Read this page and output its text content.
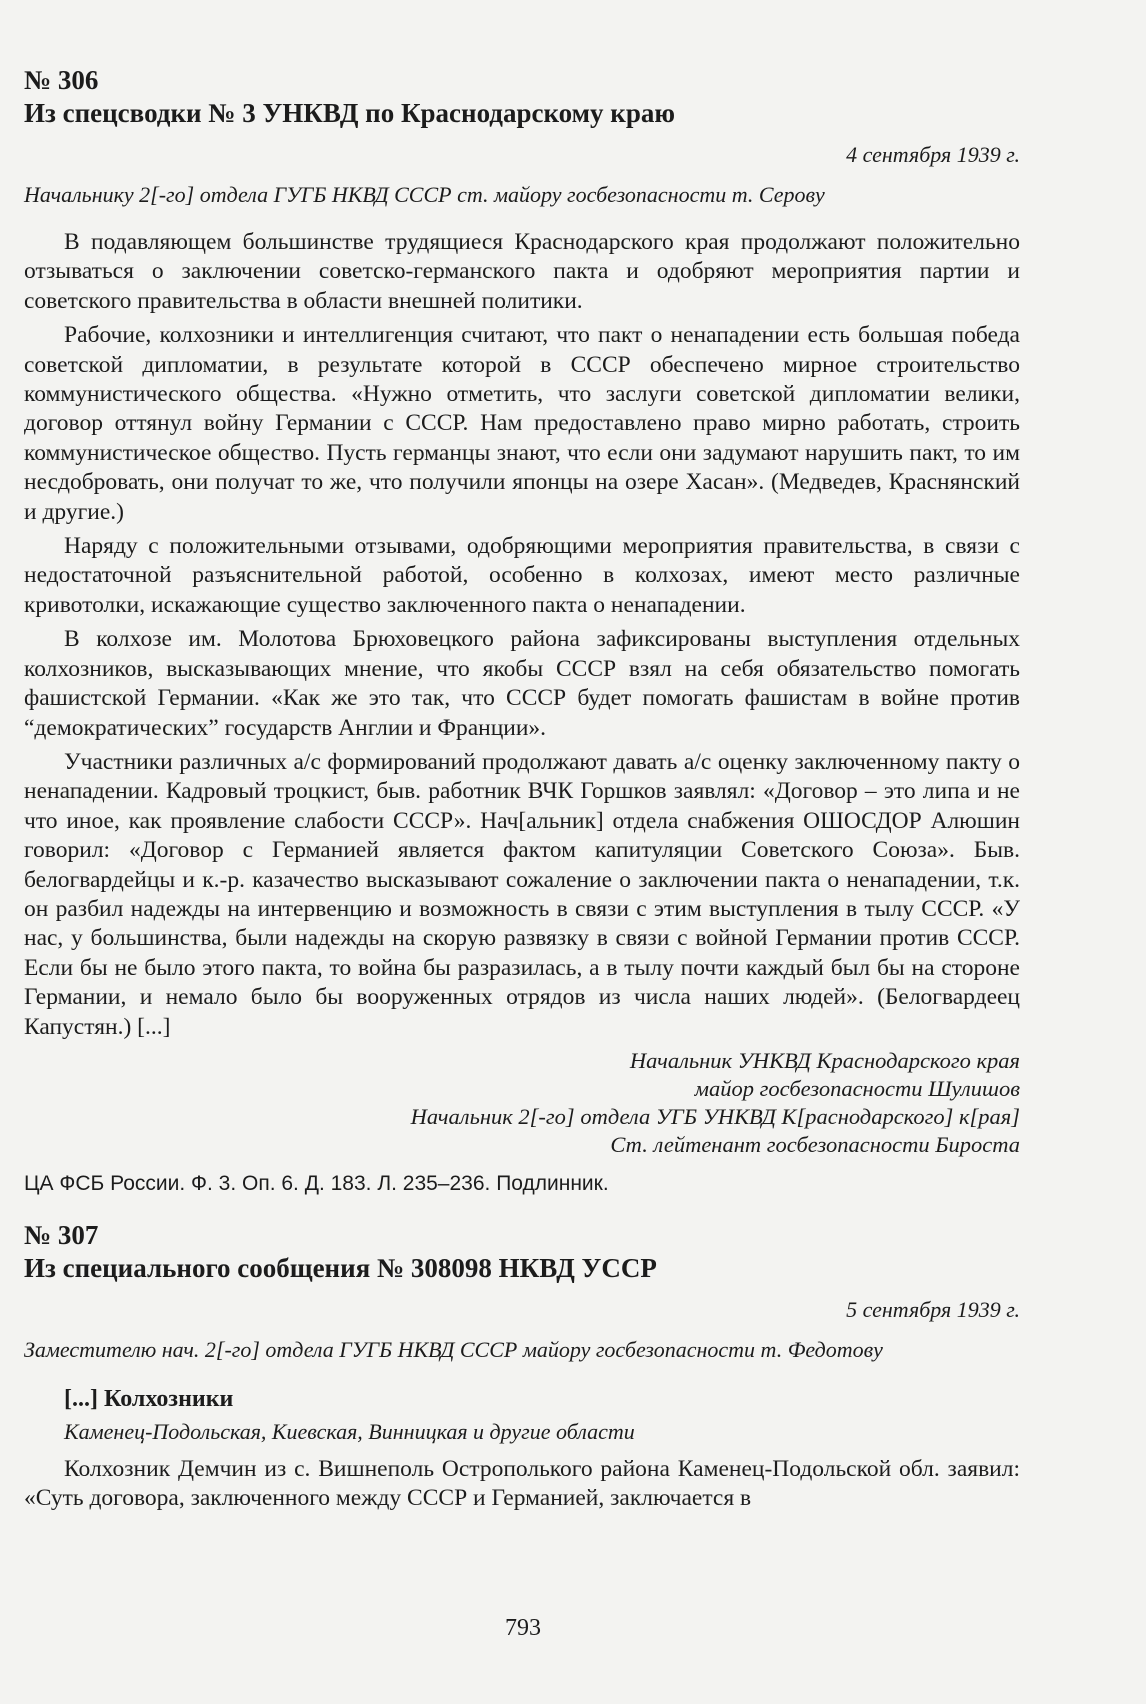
№ 306

Из спецсводки № 3 УНКВД по Краснодарскому краю

4 сентября 1939 г.

Начальнику 2[-го] отдела ГУГБ НКВД СССР ст. майору госбезопасности т. Серову

В подавляющем большинстве трудящиеся Краснодарского края продолжают положительно отзываться о заключении советско-германского пакта и одобряют мероприятия партии и советского правительства в области внешней политики.

Рабочие, колхозники и интеллигенция считают, что пакт о ненападении есть большая победа советской дипломатии, в результате которой в СССР обеспечено мирное строительство коммунистического общества. «Нужно отметить, что заслуги советской дипломатии велики, договор оттянул войну Германии с СССР. Нам предоставлено право мирно работать, строить коммунистическое общество. Пусть германцы знают, что если они задумают нарушить пакт, то им несдобровать, они получат то же, что получили японцы на озере Хасан». (Медведев, Краснянский и другие.)

Наряду с положительными отзывами, одобряющими мероприятия правительства, в связи с недостаточной разъяснительной работой, особенно в колхозах, имеют место различные кривотолки, искажающие существо заключенного пакта о ненападении.

В колхозе им. Молотова Брюховецкого района зафиксированы выступления отдельных колхозников, высказывающих мнение, что якобы СССР взял на себя обязательство помогать фашистской Германии. «Как же это так, что СССР будет помогать фашистам в войне против “демократических” государств Англии и Франции».

Участники различных а/с формирований продолжают давать а/с оценку заключенному пакту о ненападении. Кадровый троцкист, быв. работник ВЧК Горшков заявлял: «Договор – это липа и не что иное, как проявление слабости СССР». Нач[альник] отдела снабжения ОШОСДОР Алюшин говорил: «Договор с Германией является фактом капитуляции Советского Союза». Быв. белогвардейцы и к.-р. казачество высказывают сожаление о заключении пакта о ненападении, т.к. он разбил надежды на интервенцию и возможность в связи с этим выступления в тылу СССР. «У нас, у большинства, были надежды на скорую развязку в связи с войной Германии против СССР. Если бы не было этого пакта, то война бы разразилась, а в тылу почти каждый был бы на стороне Германии, и немало было бы вооруженных отрядов из числа наших людей». (Белогвардеец Капустян.) [...]

Начальник УНКВД Краснодарского края
майор госбезопасности Шулишов
Начальник 2[-го] отдела УГБ УНКВД К[раснодарского] к[рая]
Ст. лейтенант госбезопасности Бироста

ЦА ФСБ России. Ф. 3. Оп. 6. Д. 183. Л. 235–236. Подлинник.

№ 307

Из специального сообщения № 308098 НКВД УССР

5 сентября 1939 г.

Заместителю нач. 2[-го] отдела ГУГБ НКВД СССР майору госбезопасности т. Федотову

[...] Колхозники

Каменец-Подольская, Киевская, Винницкая и другие области

Колхозник Демчин из с. Вишнеполь Острополького района Каменец-Подольской обл. заявил: «Суть договора, заключенного между СССР и Германией, заключается в

793
